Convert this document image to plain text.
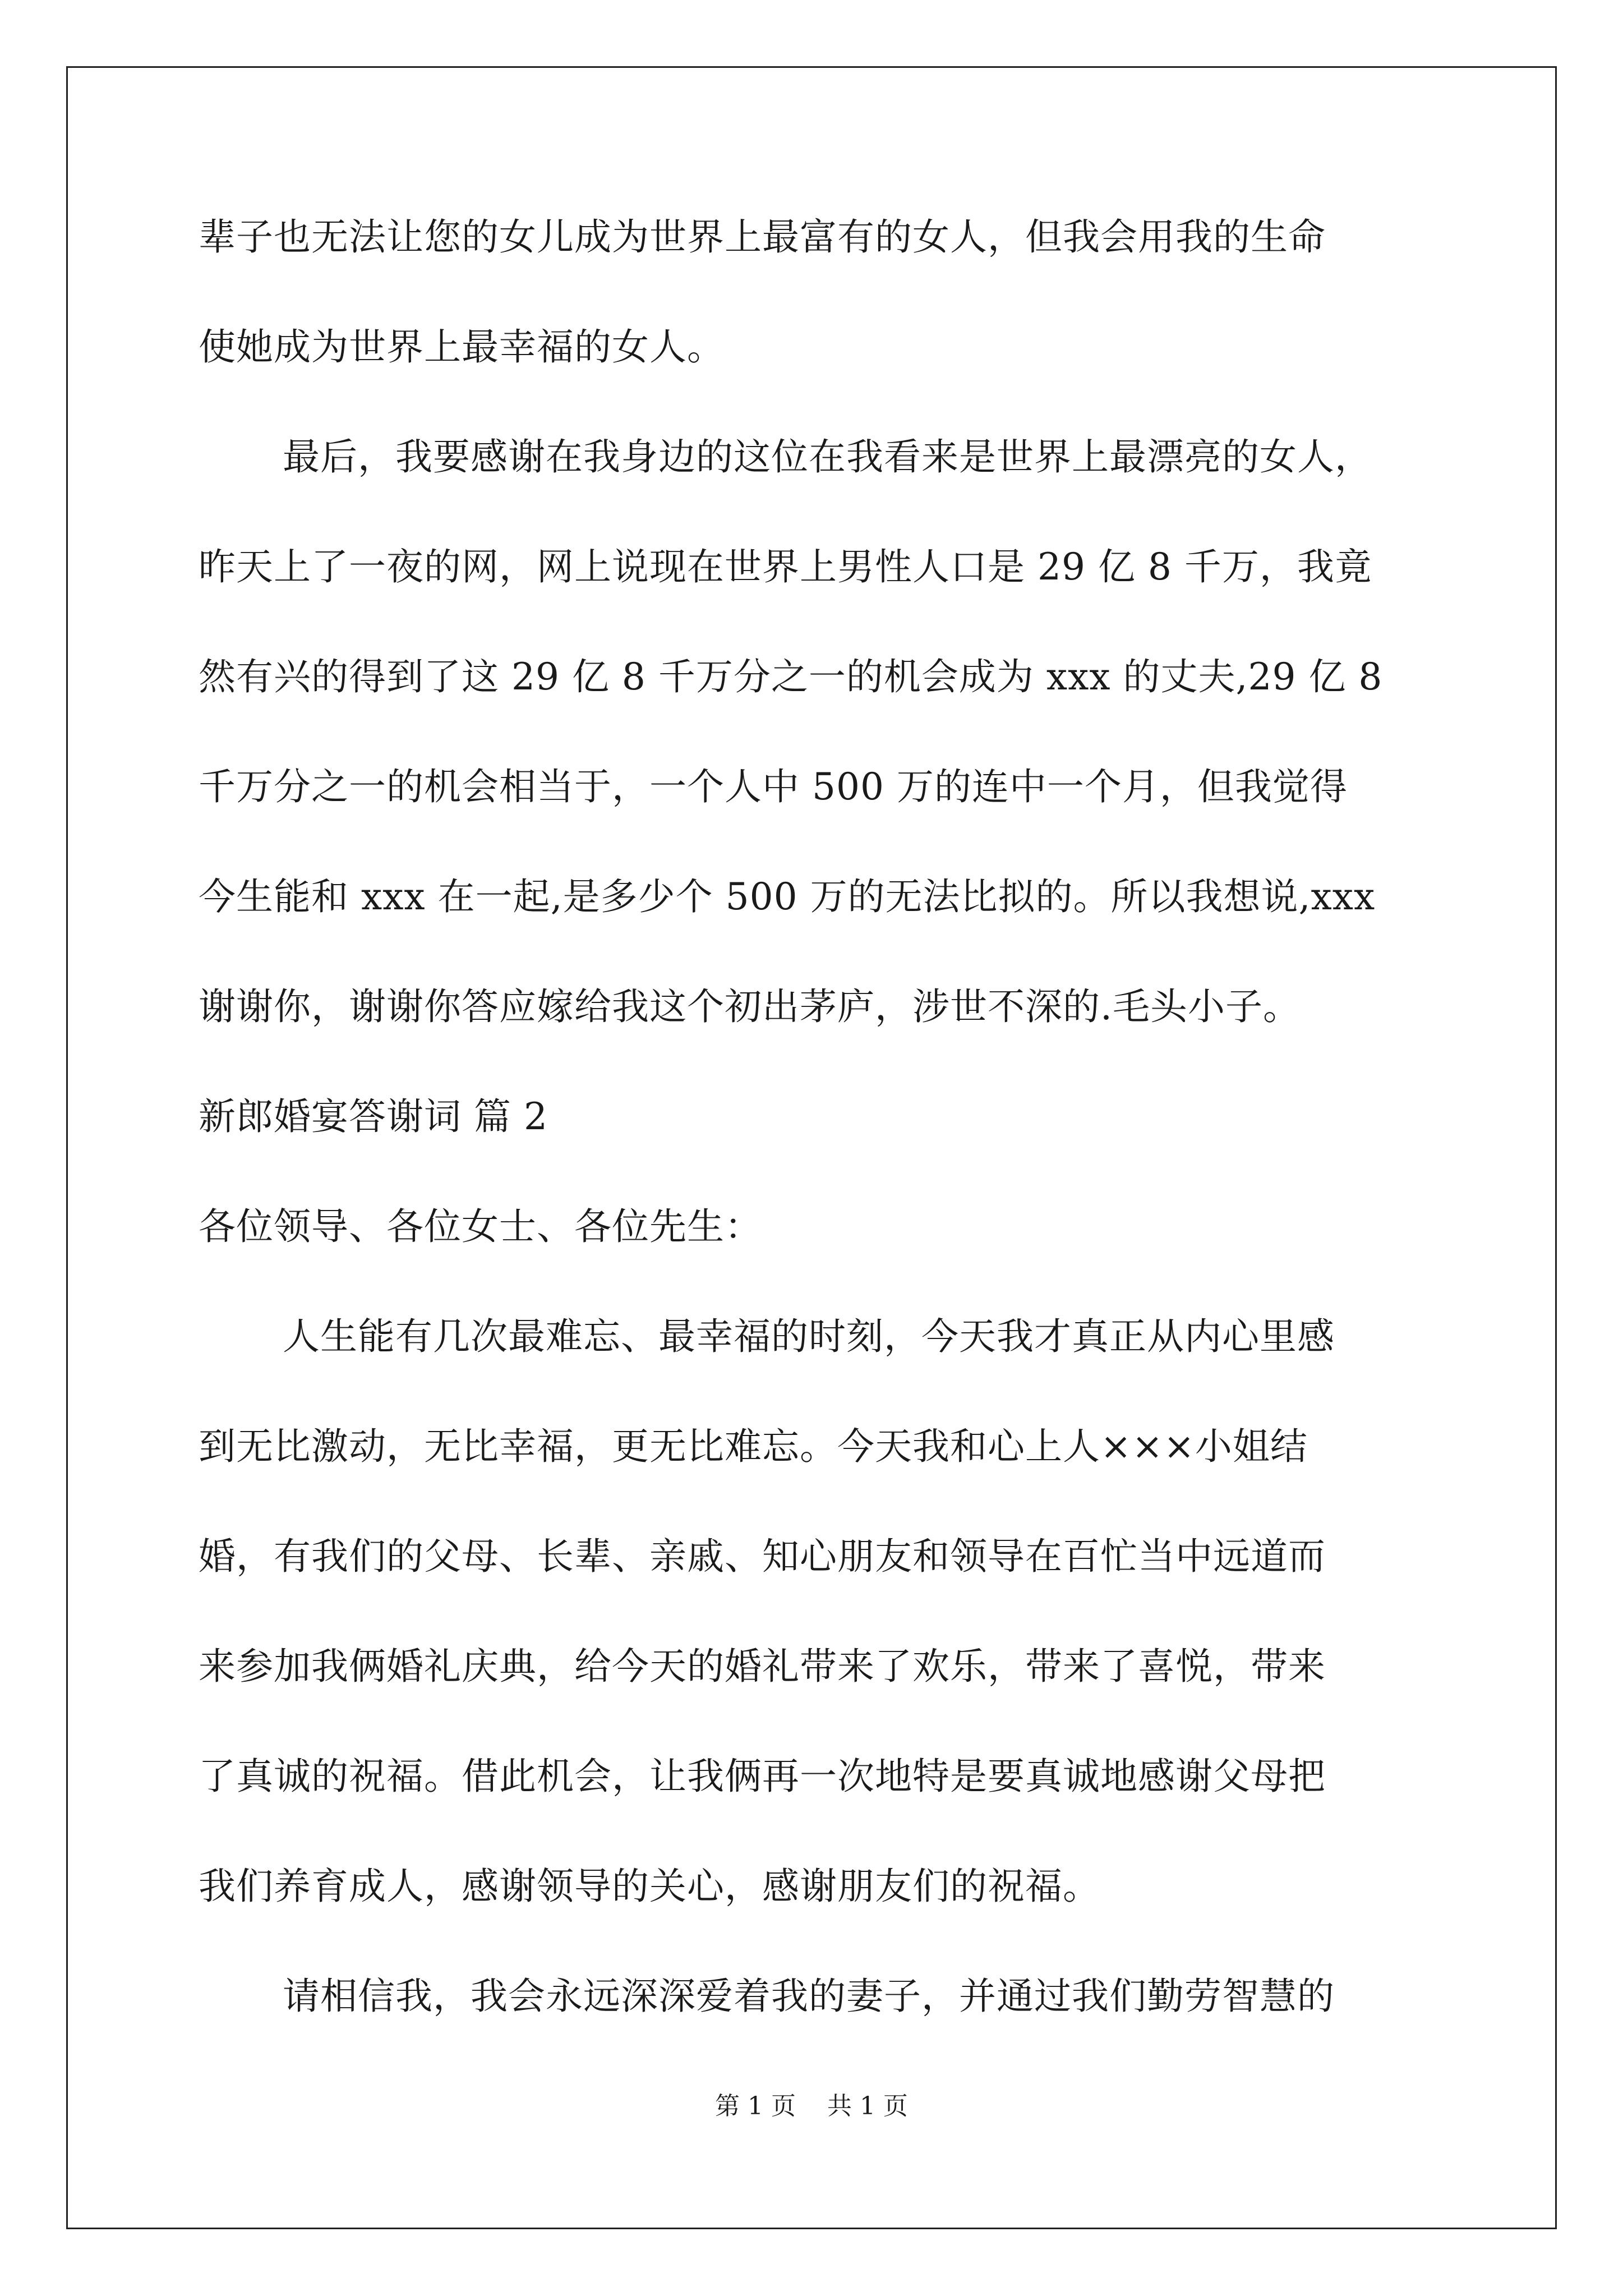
辈子也无法让您的女儿成为世界上最富有的女人，但我会用我的生命
使她成为世界上最幸福的女人。
最后，我要感谢在我身边的这位在我看来是世界上最漂亮的女人，
昨天上了一夜的网，网上说现在世界上男性人口是 29 亿 8 千万，我竟
然有兴的得到了这 29 亿 8 千万分之一的机会成为 xxx 的丈夫,29 亿 8
千万分之一的机会相当于，一个人中 500 万的连中一个月，但我觉得
今生能和 xxx 在一起,是多少个 500 万的无法比拟的。所以我想说,xxx
谢谢你，谢谢你答应嫁给我这个初出茅庐，涉世不深的.毛头小子。
新郎婚宴答谢词 篇 2
各位领导、各位女士、各位先生：
人生能有几次最难忘、最幸福的时刻，今天我才真正从内心里感
到无比激动，无比幸福，更无比难忘。今天我和心上人×××小姐结
婚，有我们的父母、长辈、亲戚、知心朋友和领导在百忙当中远道而
来参加我俩婚礼庆典，给今天的婚礼带来了欢乐，带来了喜悦，带来
了真诚的祝福。借此机会，让我俩再一次地特是要真诚地感谢父母把
我们养育成人，感谢领导的关心，感谢朋友们的祝福。
请相信我，我会永远深深爱着我的妻子，并通过我们勤劳智慧的
第 1 页    共 1 页
